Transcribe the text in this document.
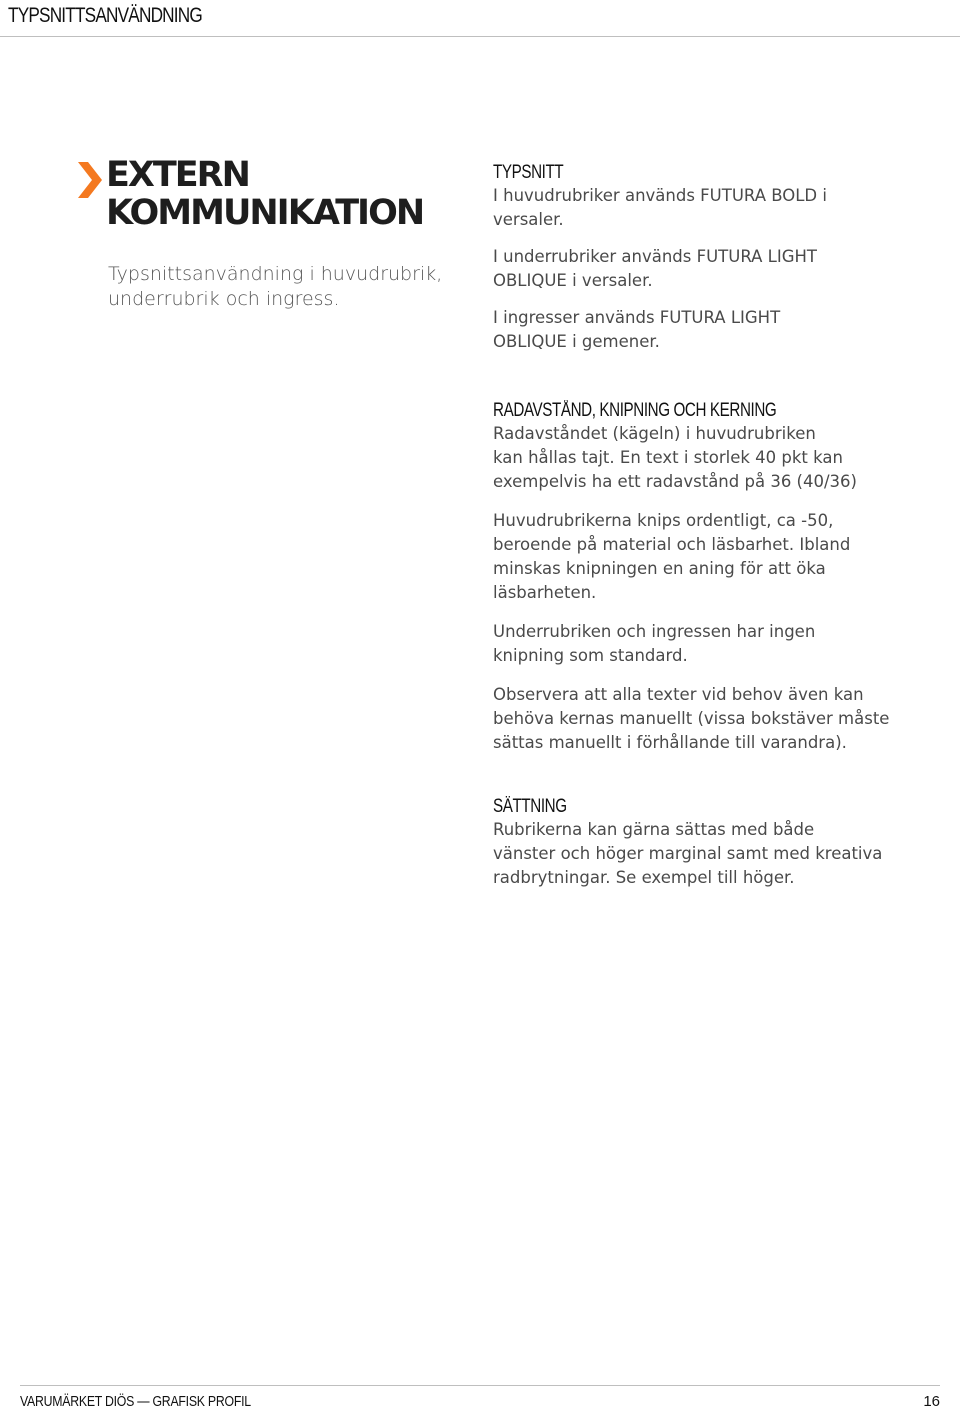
TYPSNITTSANVÄNDNING
EXTERN
KOMMUNIKATION
Typsnittsanvändning i huvudrubrik,
underrubrik och ingress.
TYPSNITT
I huvudrubriker används FUTURA BOLD i
versaler.
I underrubriker används FUTURA LIGHT
OBLIQUE i versaler.
I ingresser används FUTURA LIGHT
OBLIQUE i gemener.
RADAVSTÅND, KNIPNING OCH KERNING
Radavståndet (kägeln) i huvudrubriken
kan hållas tajt. En text i storlek 40 pkt kan
exempelvis ha ett radavstånd på 36 (40/36)
Huvudrubrikerna knips ordentligt, ca -50,
beroende på material och läsbarhet. Ibland
minskas knipningen en aning för att öka
läsbarheten.
Underrubriken och ingressen har ingen
knipning som standard.
Observera att alla texter vid behov även kan
behöva kernas manuellt (vissa bokstäver måste
sättas manuellt i förhållande till varandra).
SÄTTNING
Rubrikerna kan gärna sättas med både
vänster och höger marginal samt med kreativa
radbrytningar. Se exempel till höger.
VARUMÄRKET DIÖS — GRAFISK PROFIL	16
